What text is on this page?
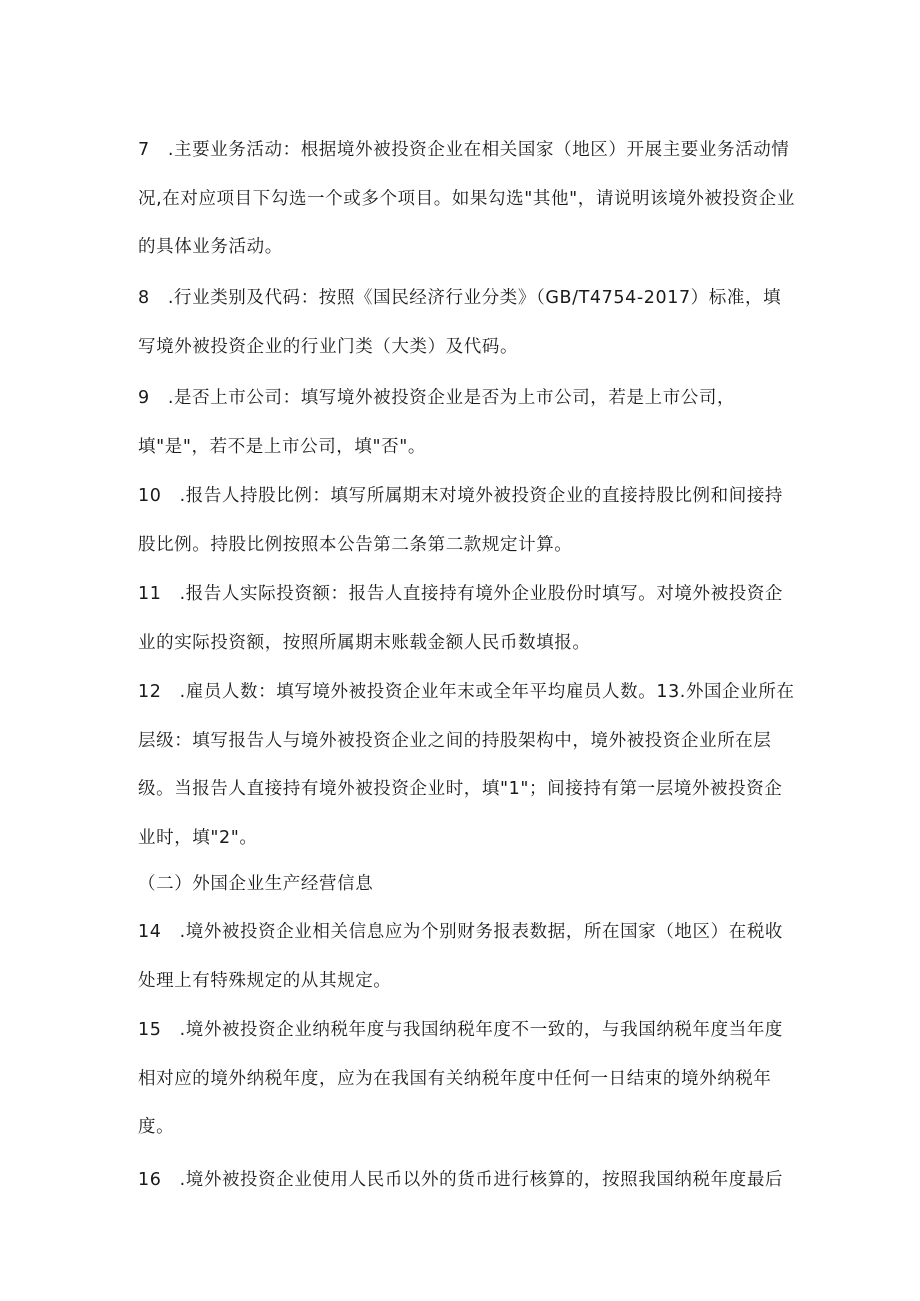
7　.主要业务活动：根据境外被投资企业在相关国家（地区）开展主要业务活动情况,在对应项目下勾选一个或多个项目。如果勾选"其他"，请说明该境外被投资企业的具体业务活动。

8　.行业类别及代码：按照《国民经济行业分类》（GB/T4754-2017）标准，填写境外被投资企业的行业门类（大类）及代码。

9　.是否上市公司：填写境外被投资企业是否为上市公司，若是上市公司，填"是"，若不是上市公司，填"否"。

10　.报告人持股比例：填写所属期末对境外被投资企业的直接持股比例和间接持股比例。持股比例按照本公告第二条第二款规定计算。

11　.报告人实际投资额：报告人直接持有境外企业股份时填写。对境外被投资企业的实际投资额，按照所属期末账载金额人民币数填报。

12　.雇员人数：填写境外被投资企业年末或全年平均雇员人数。13.外国企业所在层级：填写报告人与境外被投资企业之间的持股架构中，境外被投资企业所在层级。当报告人直接持有境外被投资企业时，填"1"；间接持有第一层境外被投资企业时，填"2"。

（二）外国企业生产经营信息

14　.境外被投资企业相关信息应为个别财务报表数据，所在国家（地区）在税收处理上有特殊规定的从其规定。

15　.境外被投资企业纳税年度与我国纳税年度不一致的，与我国纳税年度当年度相对应的境外纳税年度，应为在我国有关纳税年度中任何一日结束的境外纳税年度。

16　.境外被投资企业使用人民币以外的货币进行核算的，按照我国纳税年度最后
